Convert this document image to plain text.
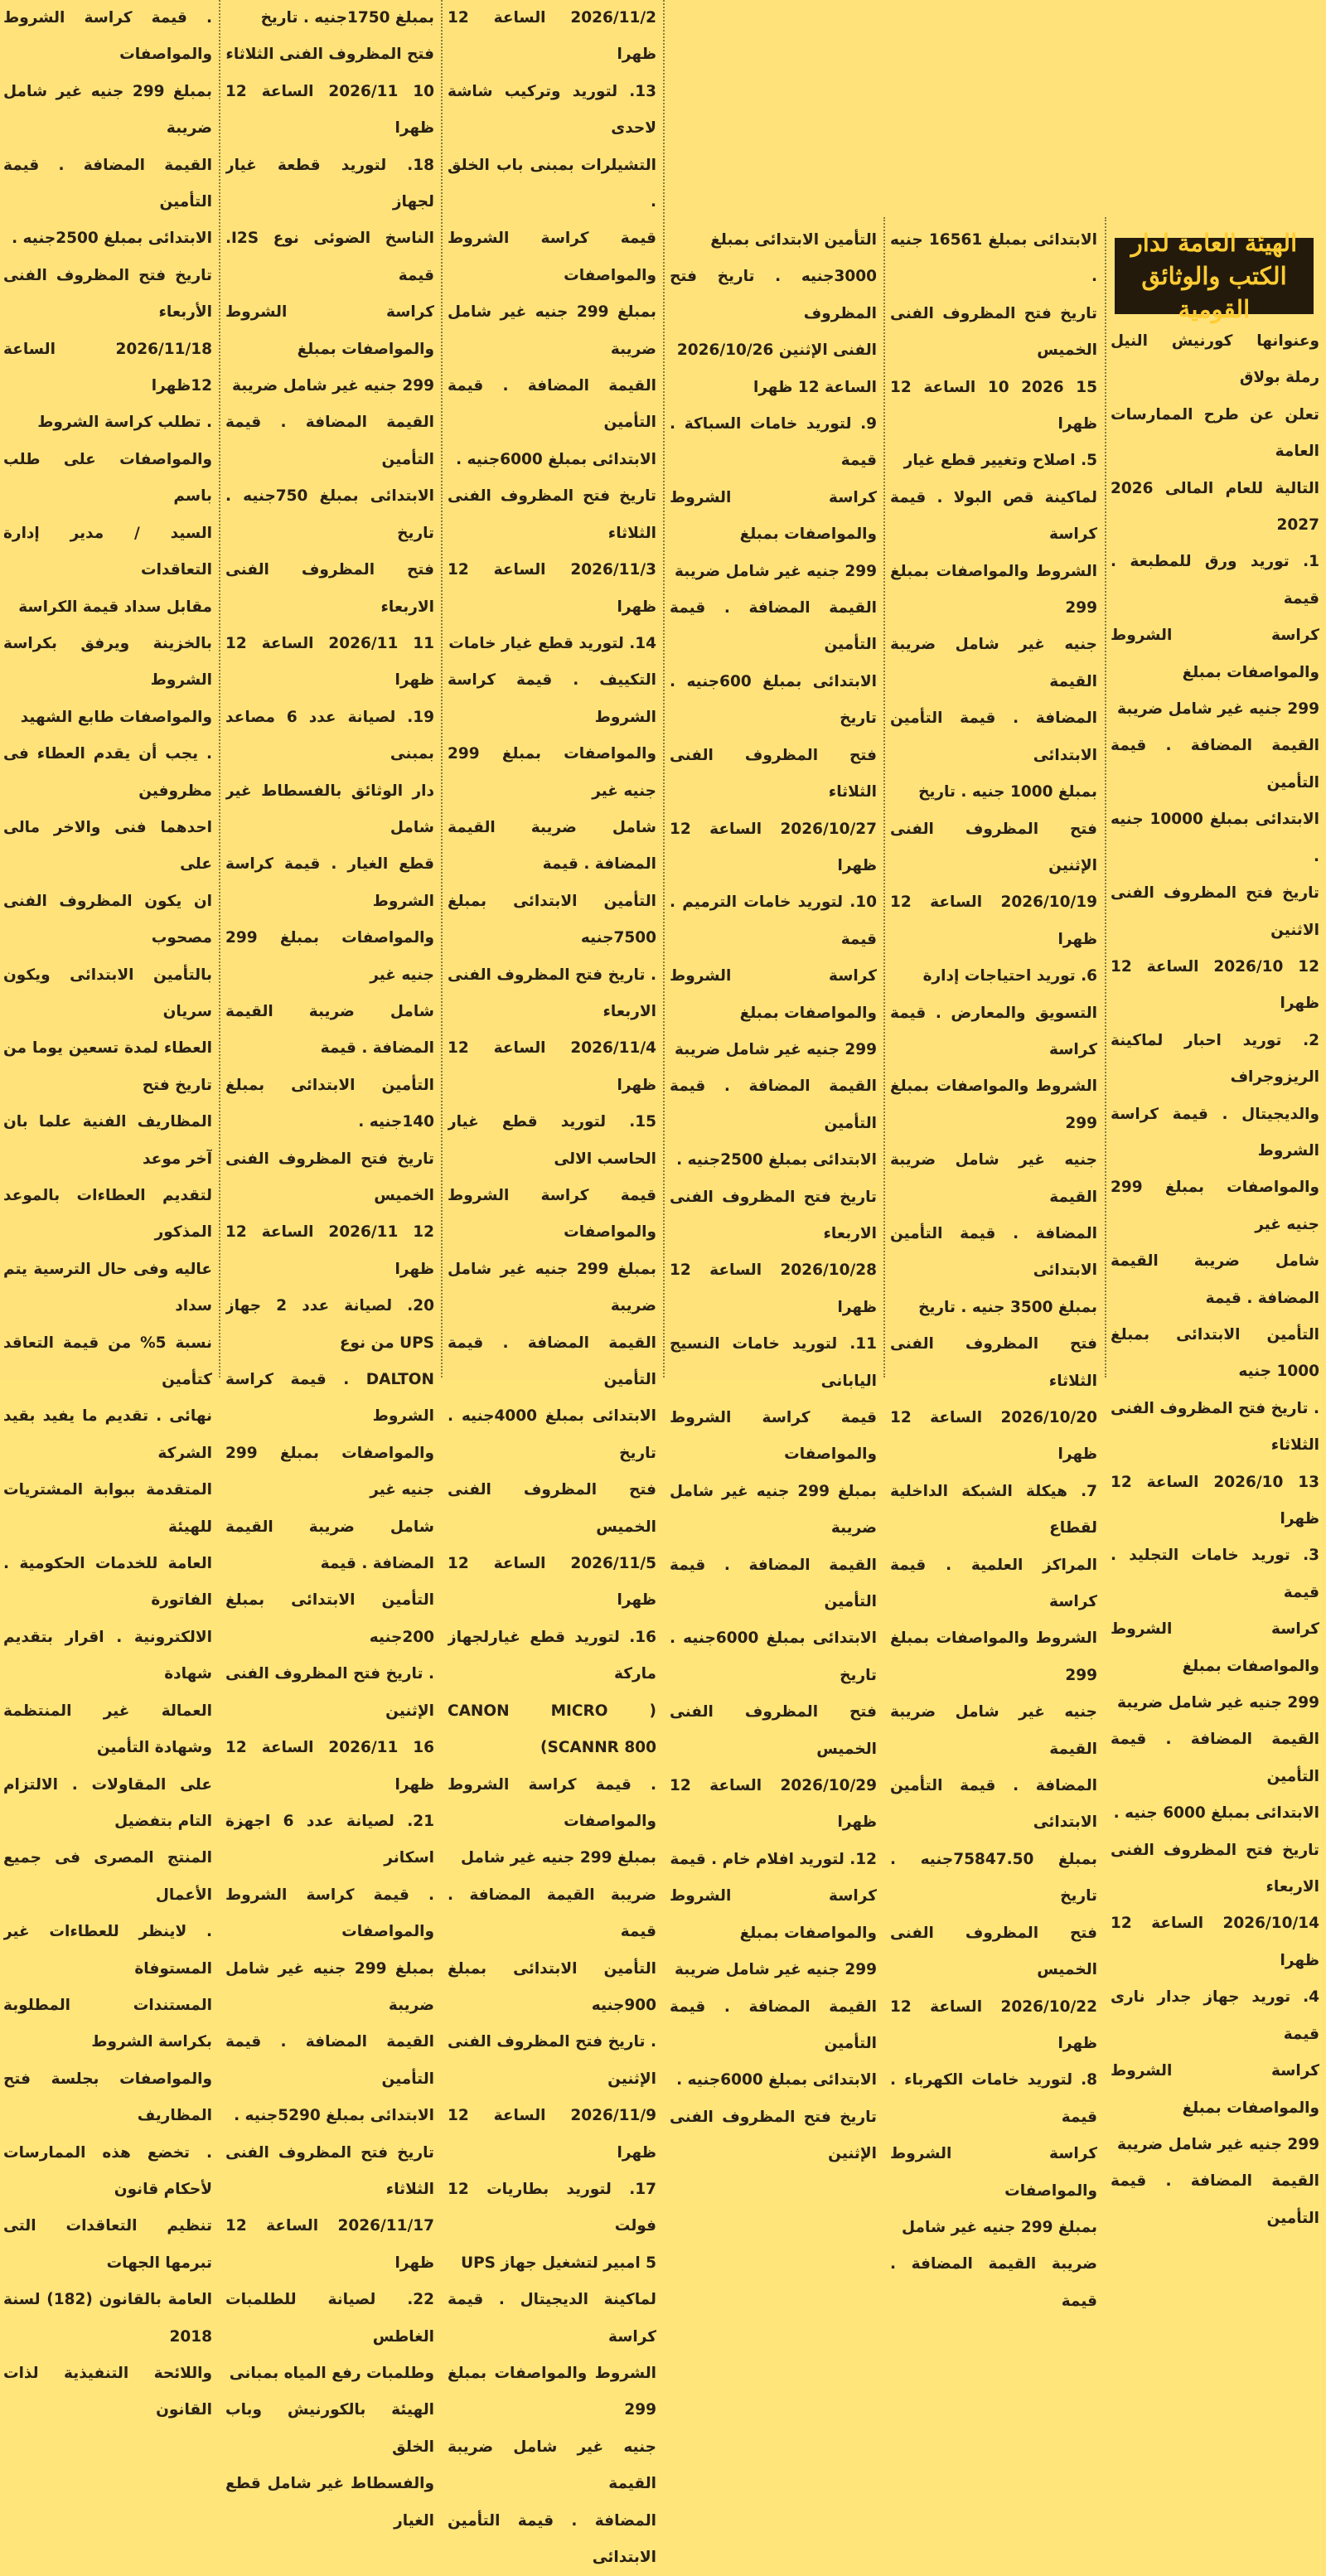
الهيئة العامة لدار الكتب والوثائق القومية

وعنوانها كورنيش النيل رملة بولاق

تعلن عن طرح الممارسات العامة

التالية للعام المالى 2026 2027

1. توريد ورق للمطبعة . قيمة

كراسة الشروط والمواصفات بمبلغ

299 جنيه غير شامل ضريبة

القيمة المضافة . قيمة التأمين

الابتدائى بمبلغ 10000 جنيه .

تاريخ فتح المظروف الفنى الاثنين

12 2026/10 الساعة 12 ظهرا

2. توريد احبار لماكينة الريزوجراف

والديجيتال . قيمة كراسة الشروط

والمواصفات بمبلغ 299 جنيه غير

شامل ضريبة القيمة المضافة . قيمة

التأمين الابتدائى بمبلغ 1000 جنيه

. تاريخ فتح المظروف الفنى الثلاثاء

13 2026/10 الساعة 12 ظهرا

3. توريد خامات التجليد . قيمة

كراسة الشروط والمواصفات بمبلغ

299 جنيه غير شامل ضريبة

القيمة المضافة . قيمة التأمين

الابتدائى بمبلغ 6000 جنيه .

تاريخ فتح المظروف الفنى الاربعاء

2026/10/14 الساعة 12 ظهرا

4. توريد جهاز جدار نارى قيمة

كراسة الشروط والمواصفات بمبلغ

299 جنيه غير شامل ضريبة

القيمة المضافة . قيمة التأمين

الابتدائى بمبلغ 16561 جنيه .

تاريخ فتح المظروف الفنى الخميس

15 2026 10 الساعة 12 ظهرا

5. اصلاح وتغيير قطع غيار

لماكينة قص البولا . قيمة كراسة

الشروط والمواصفات بمبلغ 299

جنيه غير شامل ضريبة القيمة

المضافة . قيمة التأمين الابتدائى

بمبلغ 1000 جنيه . تاريخ

فتح المظروف الفنى الإثنين

2026/10/19 الساعة 12 ظهرا

6. توريد احتياجات إدارة

التسويق والمعارض . قيمة كراسة

الشروط والمواصفات بمبلغ 299

جنيه غير شامل ضريبة القيمة

المضافة . قيمة التأمين الابتدائى

بمبلغ 3500 جنيه . تاريخ

فتح المظروف الفنى الثلاثاء

2026/10/20 الساعة 12 ظهرا

7. هيكلة الشبكة الداخلية لقطاع

المراكز العلمية . قيمة كراسة

الشروط والمواصفات بمبلغ 299

جنيه غير شامل ضريبة القيمة

المضافة . قيمة التأمين الابتدائى

بمبلغ 75847.50جنيه . تاريخ

فتح المظروف الفنى الخميس

2026/10/22 الساعة 12 ظهرا

8. لتوريد خامات الكهرباء . قيمة

كراسة الشروط والمواصفات

بمبلغ 299 جنيه غير شامل

ضريبة القيمة المضافة . قيمة

التأمين الابتدائى بمبلغ

3000جنيه . تاريخ فتح المظروف

الفنى الإثنين 2026/10/26

الساعة 12 ظهرا

9. لتوريد خامات السباكة . قيمة

كراسة الشروط والمواصفات بمبلغ

299 جنيه غير شامل ضريبة

القيمة المضافة . قيمة التأمين

الابتدائى بمبلغ 600جنيه . تاريخ

فتح المظروف الفنى الثلاثاء

2026/10/27 الساعة 12 ظهرا

10. لتوريد خامات الترميم . قيمة

كراسة الشروط والمواصفات بمبلغ

299 جنيه غير شامل ضريبة

القيمة المضافة . قيمة التأمين

الابتدائى بمبلغ 2500جنيه .

تاريخ فتح المظروف الفنى الاربعاء

2026/10/28 الساعة 12 ظهرا

11. لتوريد خامات النسيج اليابانى

قيمة كراسة الشروط والمواصفات

بمبلغ 299 جنيه غير شامل ضريبة

القيمة المضافة . قيمة التأمين

الابتدائى بمبلغ 6000جنيه . تاريخ

فتح المظروف الفنى الخميس

2026/10/29 الساعة 12 ظهرا

12. لتوريد افلام خام . قيمة

كراسة الشروط والمواصفات بمبلغ

299 جنيه غير شامل ضريبة

القيمة المضافة . قيمة التأمين

الابتدائى بمبلغ 6000جنيه .

تاريخ فتح المظروف الفنى الإثنين

2026/11/2 الساعة 12 ظهرا

13. لتوريد وتركيب شاشة لاحدى

التشيلرات بمبنى باب الخلق .

قيمة كراسة الشروط والمواصفات

بمبلغ 299 جنيه غير شامل ضريبة

القيمة المضافة . قيمة التأمين

الابتدائى بمبلغ 6000جنيه .

تاريخ فتح المظروف الفنى الثلاثاء

2026/11/3 الساعة 12 ظهرا

14. لتوريد قطع غيار خامات

التكييف . قيمة كراسة الشروط

والمواصفات بمبلغ 299 جنيه غير

شامل ضريبة القيمة المضافة . قيمة

التأمين الابتدائى بمبلغ 7500جنيه

. تاريخ فتح المظروف الفنى الاربعاء

2026/11/4 الساعة 12 ظهرا

15. لتوريد قطع غيار الحاسب الالى

قيمة كراسة الشروط والمواصفات

بمبلغ 299 جنيه غير شامل ضريبة

القيمة المضافة . قيمة التأمين

الابتدائى بمبلغ 4000جنيه . تاريخ

فتح المظروف الفنى الخميس

2026/11/5 الساعة 12 ظهرا

16. لتوريد قطع غيارلجهاز ماركة

( CANON MICRO SCANNR 800)

. قيمة كراسة الشروط والمواصفات

بمبلغ 299 جنيه غير شامل

ضريبة القيمة المضافة . قيمة

التأمين الابتدائى بمبلغ 900جنيه

. تاريخ فتح المظروف الفنى الإثنين

2026/11/9 الساعة 12 ظهرا

17. لتوريد بطاريات 12 فولت

5 امبير لتشغيل جهاز UPS

لماكينة الديجيتال . قيمة كراسة

الشروط والمواصفات بمبلغ 299

جنيه غير شامل ضريبة القيمة

المضافة . قيمة التأمين الابتدائى

بمبلغ 1750جنيه . تاريخ

فتح المظروف الفنى الثلاثاء

10 2026/11 الساعة 12 ظهرا

18. لتوريد قطعة غيار لجهاز

الناسخ الضوئى نوع I2S. قيمة

كراسة الشروط والمواصفات بمبلغ

299 جنيه غير شامل ضريبة

القيمة المضافة . قيمة التأمين

الابتدائى بمبلغ 750جنيه . تاريخ

فتح المظروف الفنى الاربعاء

11 2026/11 الساعة 12 ظهرا

19. لصيانة عدد 6 مصاعد بمبنى

دار الوثائق بالفسطاط غير شامل

قطع الغيار . قيمة كراسة الشروط

والمواصفات بمبلغ 299 جنيه غير

شامل ضريبة القيمة المضافة . قيمة

التأمين الابتدائى بمبلغ 140جنيه .

تاريخ فتح المظروف الفنى الخميس

12 2026/11 الساعة 12 ظهرا

20. لصيانة عدد 2 جهاز UPS من نوع

DALTON . قيمة كراسة الشروط

والمواصفات بمبلغ 299 جنيه غير

شامل ضريبة القيمة المضافة . قيمة

التأمين الابتدائى بمبلغ 200جنيه

. تاريخ فتح المظروف الفنى الإثنين

16 2026/11 الساعة 12 ظهرا

21. لصيانة عدد 6 اجهزة اسكانر

. قيمة كراسة الشروط والمواصفات

بمبلغ 299 جنيه غير شامل ضريبة

القيمة المضافة . قيمة التأمين

الابتدائى بمبلغ 5290جنيه .

تاريخ فتح المظروف الفنى الثلاثاء

2026/11/17 الساعة 12 ظهرا

22. لصيانة للطلمبات الغاطس

وطلمبات رفع المياه بمبانى

الهيئة بالكورنيش وباب الخلق

والفسطاط غير شامل قطع الغيار

. قيمة كراسة الشروط والمواصفات

بمبلغ 299 جنيه غير شامل ضريبة

القيمة المضافة . قيمة التأمين

الابتدائى بمبلغ 2500جنيه .

تاريخ فتح المظروف الفنى الأربعاء

2026/11/18 الساعة 12ظهرا

. تطلب كراسة الشروط

والمواصفات على طلب باسم

السيد / مدير إدارة التعاقدات

مقابل سداد قيمة الكراسة

بالخزينة ويرفق بكراسة الشروط

والمواصفات طابع الشهيد

. يجب أن يقدم العطاء فى مظروفين

احدهما فنى والاخر مالى على

ان يكون المظروف الفنى مصحوب

بالتأمين الابتدائى ويكون سريان

العطاء لمدة تسعين يوما من تاريخ فتح

المظاريف الفنية علما بان آخر موعد

لتقديم العطاءات بالموعد المذكور

عاليه وفى حال الترسية يتم سداد

نسبة 5% من قيمة التعاقد كتأمين

نهائى . تقديم ما يفيد بقيد الشركة

المتقدمة ببوابة المشتريات للهيئة

العامة للخدمات الحكومية . الفاتورة

الالكترونية . اقرار بتقديم شهادة

العمالة غير المنتظمة وشهادة التأمين

على المقاولات . الالتزام التام بتفضيل

المنتج المصرى فى جميع الأعمال

. لاينظر للعطاءات غير المستوفاة

المستندات المطلوبة بكراسة الشروط

والمواصفات بجلسة فتح المظاريف

. تخضع هذه الممارسات لأحكام قانون

تنظيم التعاقدات التى تبرمها الجهات

العامة بالقانون (182) لسنة 2018

واللائحة التنفيذية لذات القانون
